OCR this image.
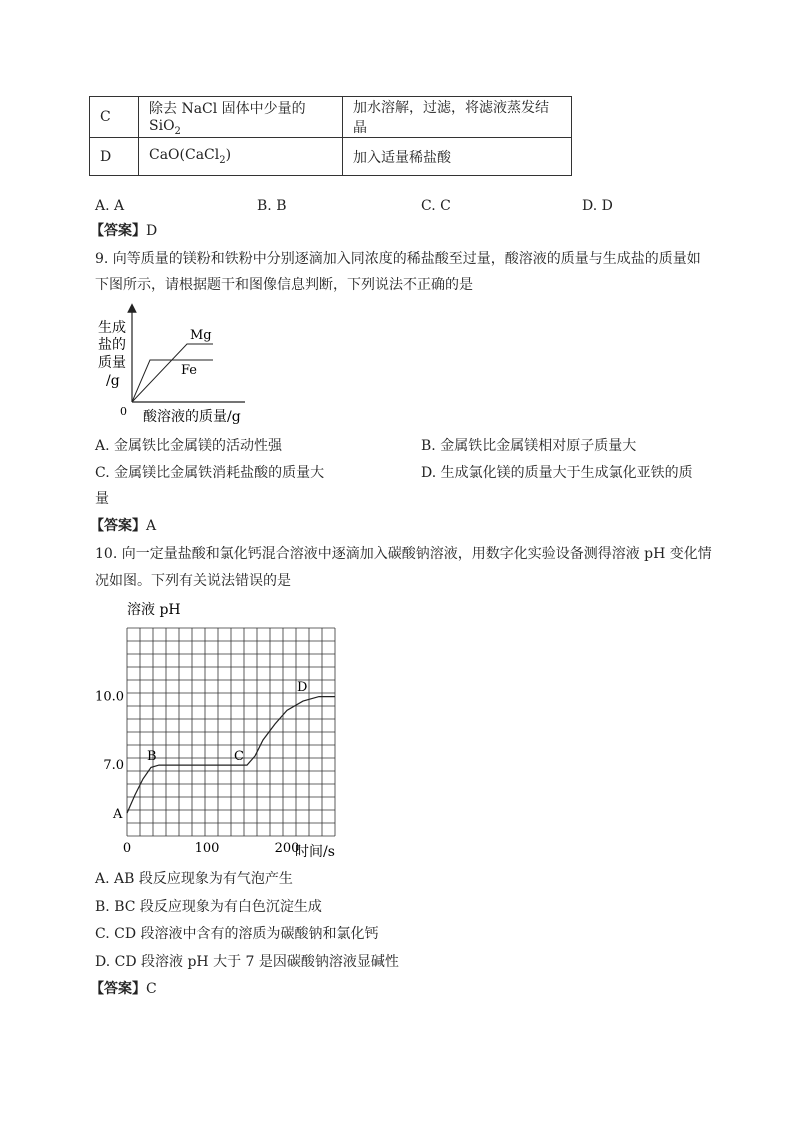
C	除去 NaCl 固体中少量的 SiO$_2$	加水溶解，过滤，将滤液蒸发结晶
D	CaO(CaCl$_2$)	加入适量稀盐酸
A. A	B. B	C. C	D. D
【答案】D
9. 向等质量的镁粉和铁粉中分别逐滴加入同浓度的稀盐酸至过量，酸溶液的质量与生成盐的质量如
下图所示，请根据题干和图像信息判断，下列说法不正确的是
生成
盐的
质量
/g
0
Mg
Fe
酸溶液的质量/g
A. 金属铁比金属镁的活动性强	B. 金属铁比金属镁相对原子质量大
C. 金属镁比金属铁消耗盐酸的质量大	D. 生成氯化镁的质量大于生成氯化亚铁的质
量
【答案】A
10. 向一定量盐酸和氯化钙混合溶液中逐滴加入碳酸钠溶液，用数字化实验设备测得溶液 pH 变化情
况如图。下列有关说法错误的是
溶液 pH
0	100	200
7.0
10.0
A
B	C
D
时间/s
A. AB 段反应现象为有气泡产生
B. BC 段反应现象为有白色沉淀生成
C. CD 段溶液中含有的溶质为碳酸钠和氯化钙
D. CD 段溶液 pH 大于 7 是因碳酸钠溶液显碱性
【答案】C
